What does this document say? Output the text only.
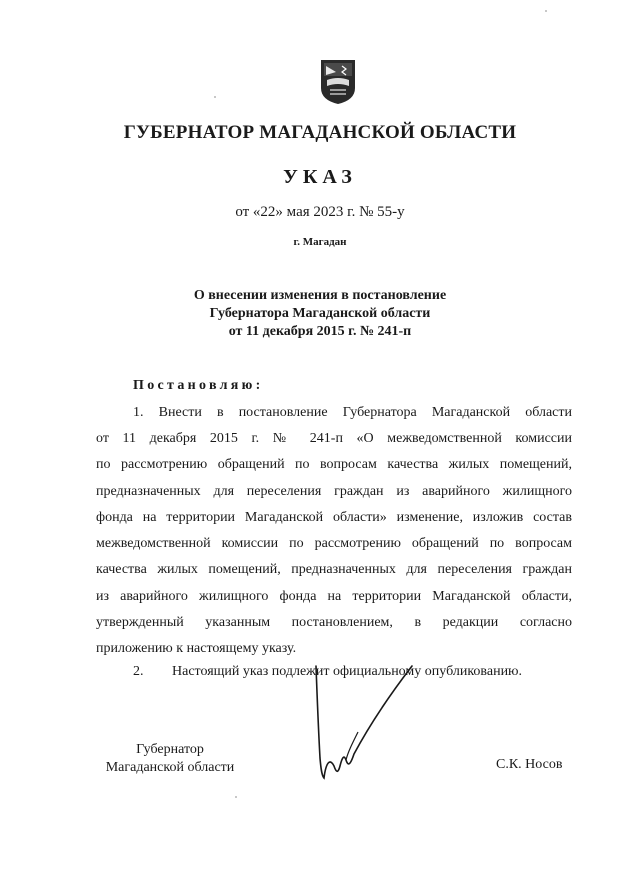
ГУБЕРНАТОР МАГАДАНСКОЙ ОБЛАСТИ
УКАЗ
от «22» мая 2023 г. № 55-у
г. Магадан
О внесении изменения в постановление
Губернатора Магаданской области
от 11 декабря 2015 г. № 241-п
Постановляю:
1. Внести в постановление Губернатора Магаданской области
от 11 декабря 2015 г. № 241-п «О межведомственной комиссии
по рассмотрению обращений по вопросам качества жилых помещений,
предназначенных для переселения граждан из аварийного жилищного
фонда на территории Магаданской области» изменение, изложив состав
межведомственной комиссии по рассмотрению обращений по вопросам
качества жилых помещений, предназначенных для переселения граждан
из аварийного жилищного фонда на территории Магаданской области,
утвержденный указанным постановлением, в редакции согласно
приложению к настоящему указу.
2. Настоящий указ подлежит официальному опубликованию.
Губернатор
Магаданской области	С.К. Носов
